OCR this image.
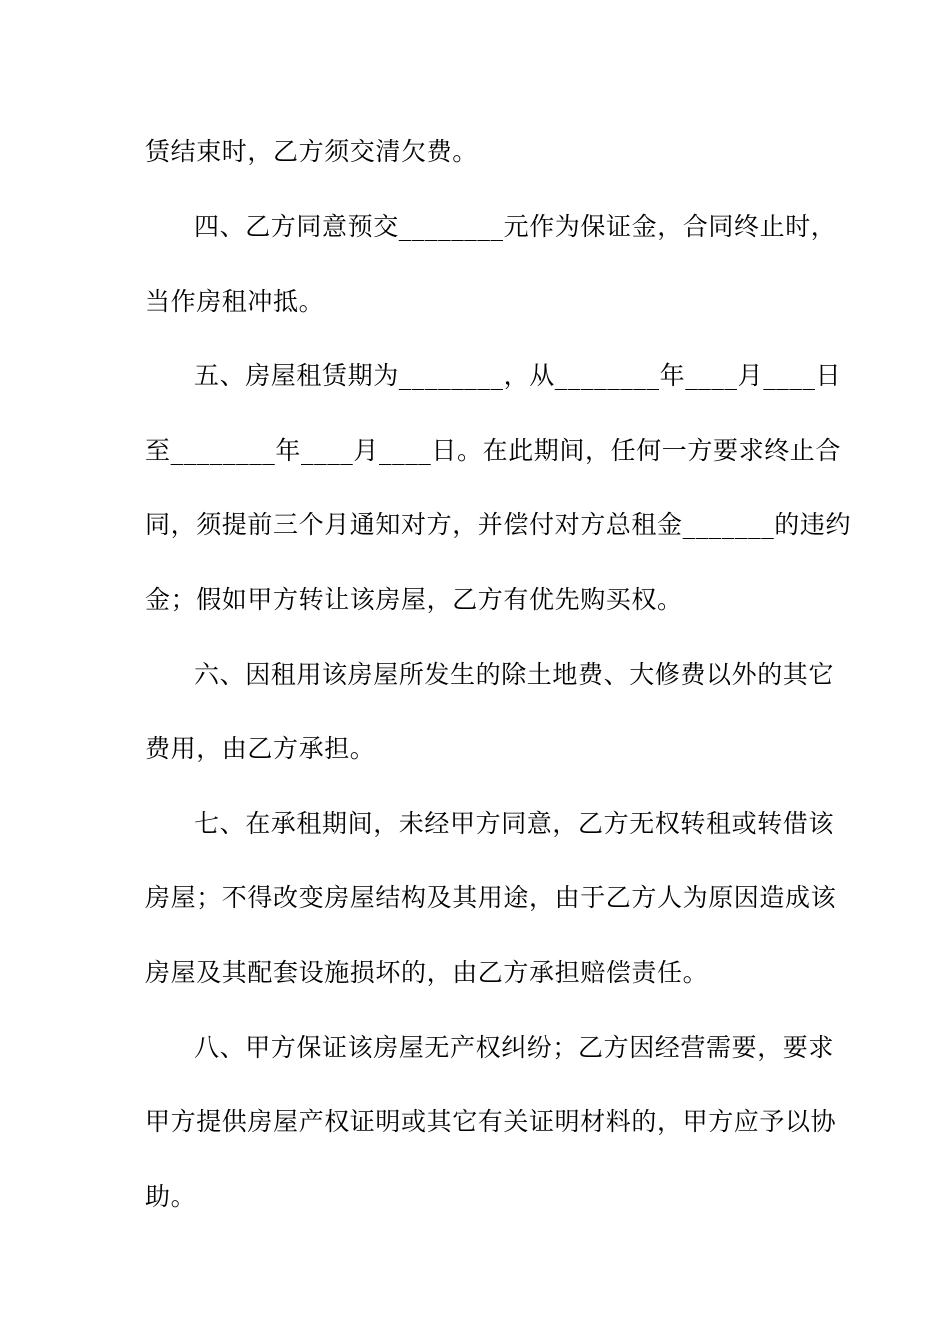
赁结束时，乙方须交清欠费。
四、乙方同意预交________元作为保证金，合同终止时，
当作房租冲抵。
五、房屋租赁期为________，从________年____月____日
至________年____月____日。在此期间，任何一方要求终止合
同，须提前三个月通知对方，并偿付对方总租金_______的违约
金；假如甲方转让该房屋，乙方有优先购买权。
六、因租用该房屋所发生的除土地费、大修费以外的其它
费用，由乙方承担。
七、在承租期间，未经甲方同意，乙方无权转租或转借该
房屋；不得改变房屋结构及其用途，由于乙方人为原因造成该
房屋及其配套设施损坏的，由乙方承担赔偿责任。
八、甲方保证该房屋无产权纠纷；乙方因经营需要，要求
甲方提供房屋产权证明或其它有关证明材料的，甲方应予以协
助。
